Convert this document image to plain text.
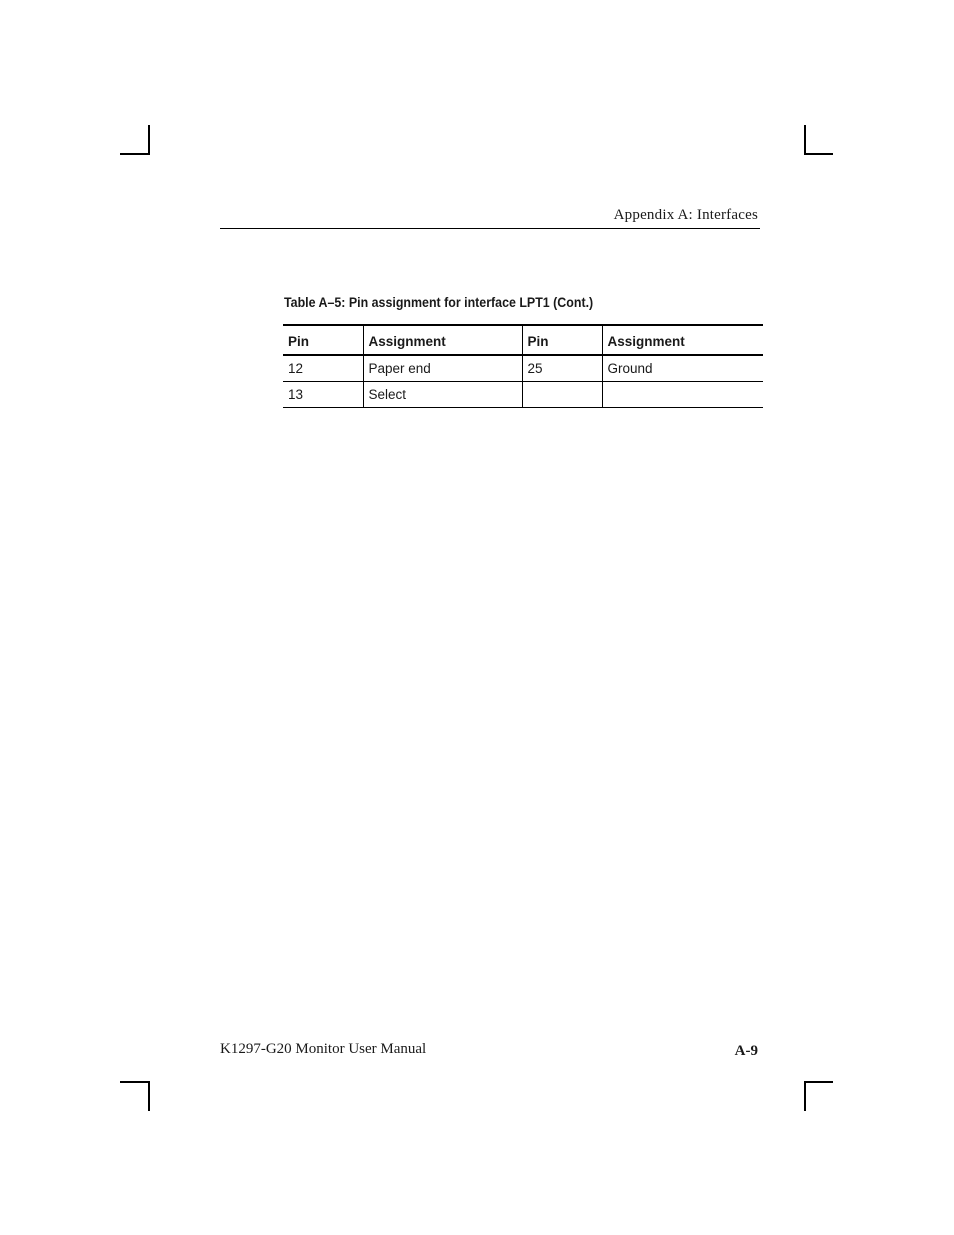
Appendix A: Interfaces
Table A–5: Pin assignment for interface LPT1 (Cont.)
Pin	Assignment	Pin	Assignment
12	Paper end	25	Ground
13	Select		
K1297-G20 Monitor User Manual	A-9
